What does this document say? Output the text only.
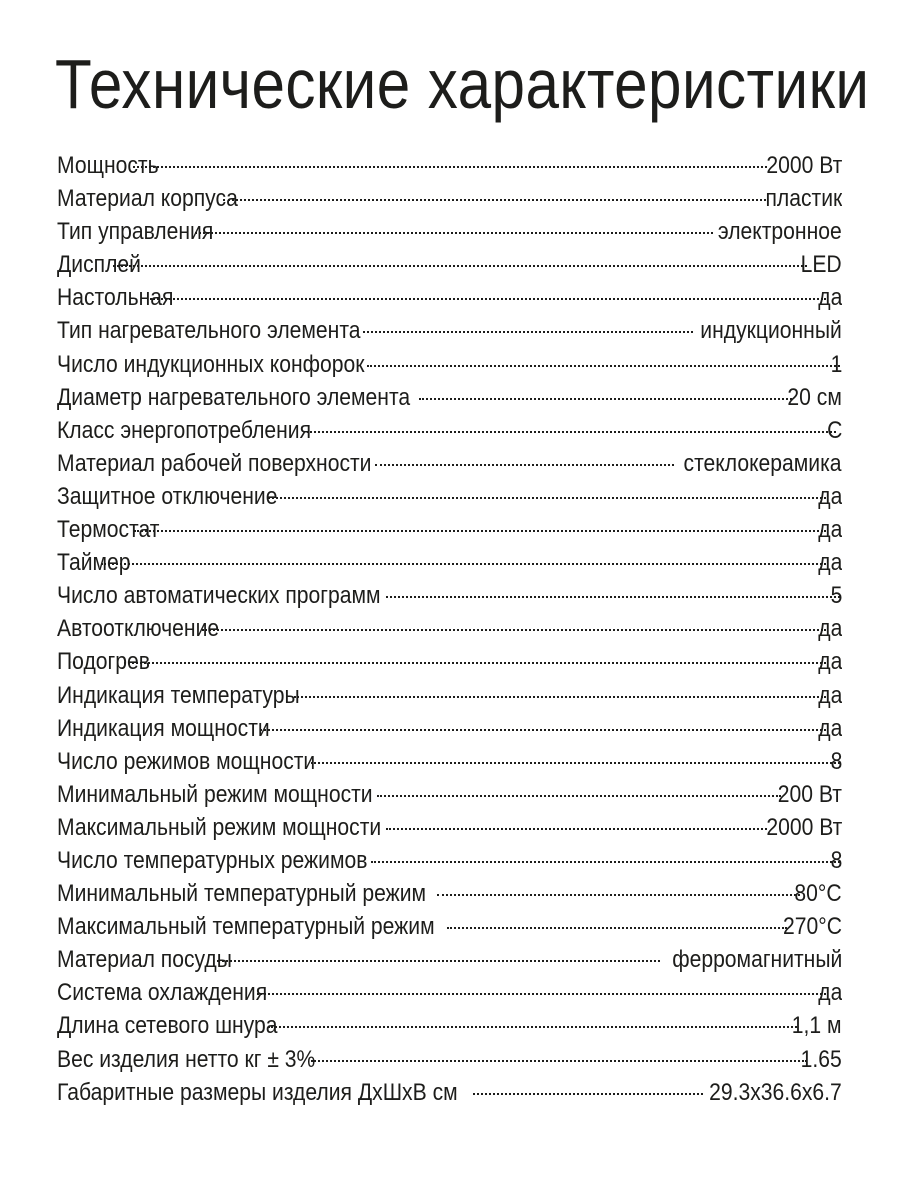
Технические характеристики
Мощность	2000 Вт
Материал корпуса	пластик
Тип управления	электронное
Дисплей	LED
Настольная	да
Тип нагревательного элемента	индукционный
Число индукционных конфорок	1
Диаметр нагревательного элемента	20 см
Класс энергопотребления	С
Материал рабочей поверхности	стеклокерамика
Защитное отключение	да
Термостат	да
Таймер	да
Число автоматических программ	5
Автоотключение	да
Подогрев	да
Индикация температуры	да
Индикация мощности	да
Число режимов мощности	8
Минимальный режим мощности	200 Вт
Максимальный режим мощности	2000 Вт
Число температурных режимов	8
Минимальный температурный режим	80°С
Максимальный температурный режим	270°С
Материал посуды	ферромагнитный
Система охлаждения	да
Длина сетевого шнура	1,1 м
Вес изделия нетто кг ± 3%	1.65
Габаритные размеры изделия ДхШхВ см	29.3х36.6х6.7
